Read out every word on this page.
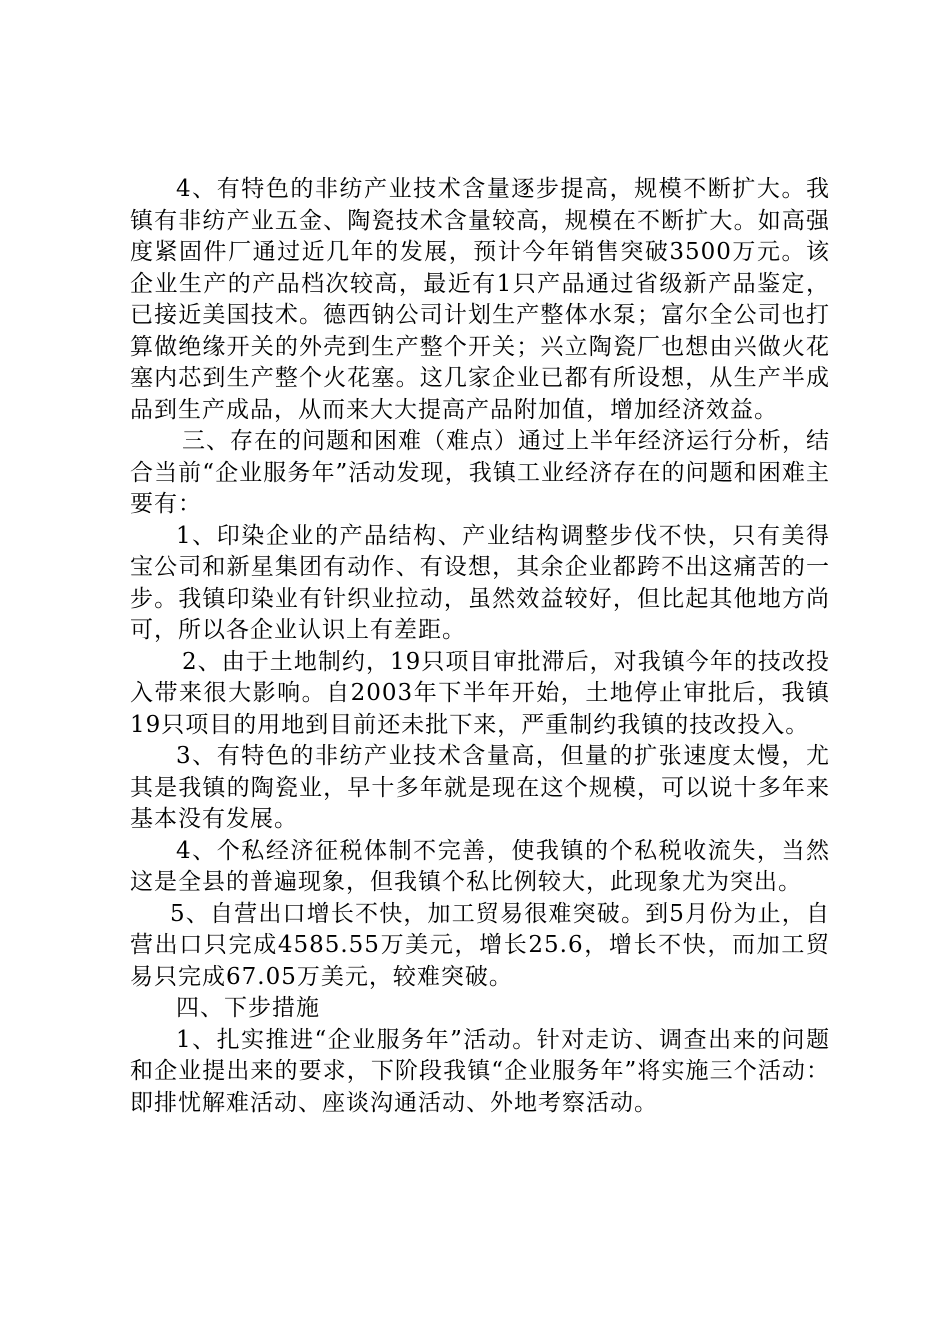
4、有特色的非纺产业技术含量逐步提高，规模不断扩大。我镇有非纺产业五金、陶瓷技术含量较高，规模在不断扩大。如高强度紧固件厂通过近几年的发展，预计今年销售突破3500万元。该企业生产的产品档次较高，最近有1只产品通过省级新产品鉴定，已接近美国技术。德西钠公司计划生产整体水泵；富尔全公司也打算做绝缘开关的外壳到生产整个开关；兴立陶瓷厂也想由兴做火花塞内芯到生产整个火花塞。这几家企业已都有所设想，从生产半成品到生产成品，从而来大大提高产品附加值，增加经济效益。

三、存在的问题和困难（难点）通过上半年经济运行分析，结合当前“企业服务年”活动发现，我镇工业经济存在的问题和困难主要有：

1、印染企业的产品结构、产业结构调整步伐不快，只有美得宝公司和新星集团有动作、有设想，其余企业都跨不出这痛苦的一步。我镇印染业有针织业拉动，虽然效益较好，但比起其他地方尚可，所以各企业认识上有差距。

2、由于土地制约，19只项目审批滞后，对我镇今年的技改投入带来很大影响。自2003年下半年开始，土地停止审批后，我镇19只项目的用地到目前还未批下来，严重制约我镇的技改投入。

3、有特色的非纺产业技术含量高，但量的扩张速度太慢，尤其是我镇的陶瓷业，早十多年就是现在这个规模，可以说十多年来基本没有发展。

4、个私经济征税体制不完善，使我镇的个私税收流失，当然这是全县的普遍现象，但我镇个私比例较大，此现象尤为突出。

5、自营出口增长不快，加工贸易很难突破。到5月份为止，自营出口只完成4585.55万美元，增长25.6，增长不快，而加工贸易只完成67.05万美元，较难突破。

四、下步措施

1、扎实推进“企业服务年”活动。针对走访、调查出来的问题和企业提出来的要求，下阶段我镇“企业服务年”将实施三个活动：即排忧解难活动、座谈沟通活动、外地考察活动。
